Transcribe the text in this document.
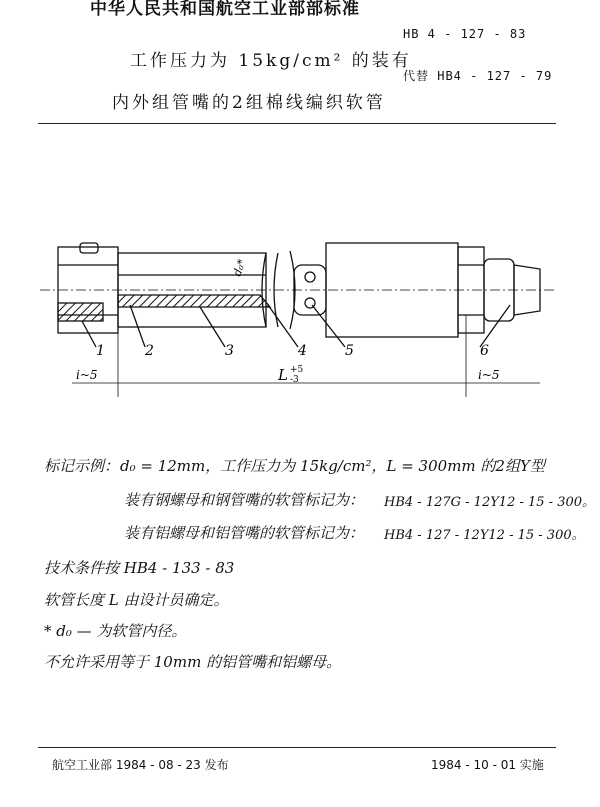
中华人民共和国航空工业部部标准
HB 4 - 127 - 83
工作压力为 15kg/cm² 的装有
内外组管嘴的2组棉线编织软管
代替 HB4 - 127 - 79
1	2	3	4	5	6
d₀*
i~5	L +5
-3	i~5
标记示例： d₀ = 12mm，工作压力为 15kg/cm²，L = 300mm 的2组Y型
装有钢螺母和钢管嘴的软管标记为： HB4 - 127G - 12Y12 - 15 - 300。
装有铝螺母和铝管嘴的软管标记为： HB4 - 127 - 12Y12 - 15 - 300。
技术条件按 HB4 - 133 - 83
软管长度 L 由设计员确定。
* d₀ — 为软管内径。
不允许采用等于 10mm 的铝管嘴和铝螺母。
航空工业部 1984 - 08 - 23 发布	1984 - 10 - 01 实施
